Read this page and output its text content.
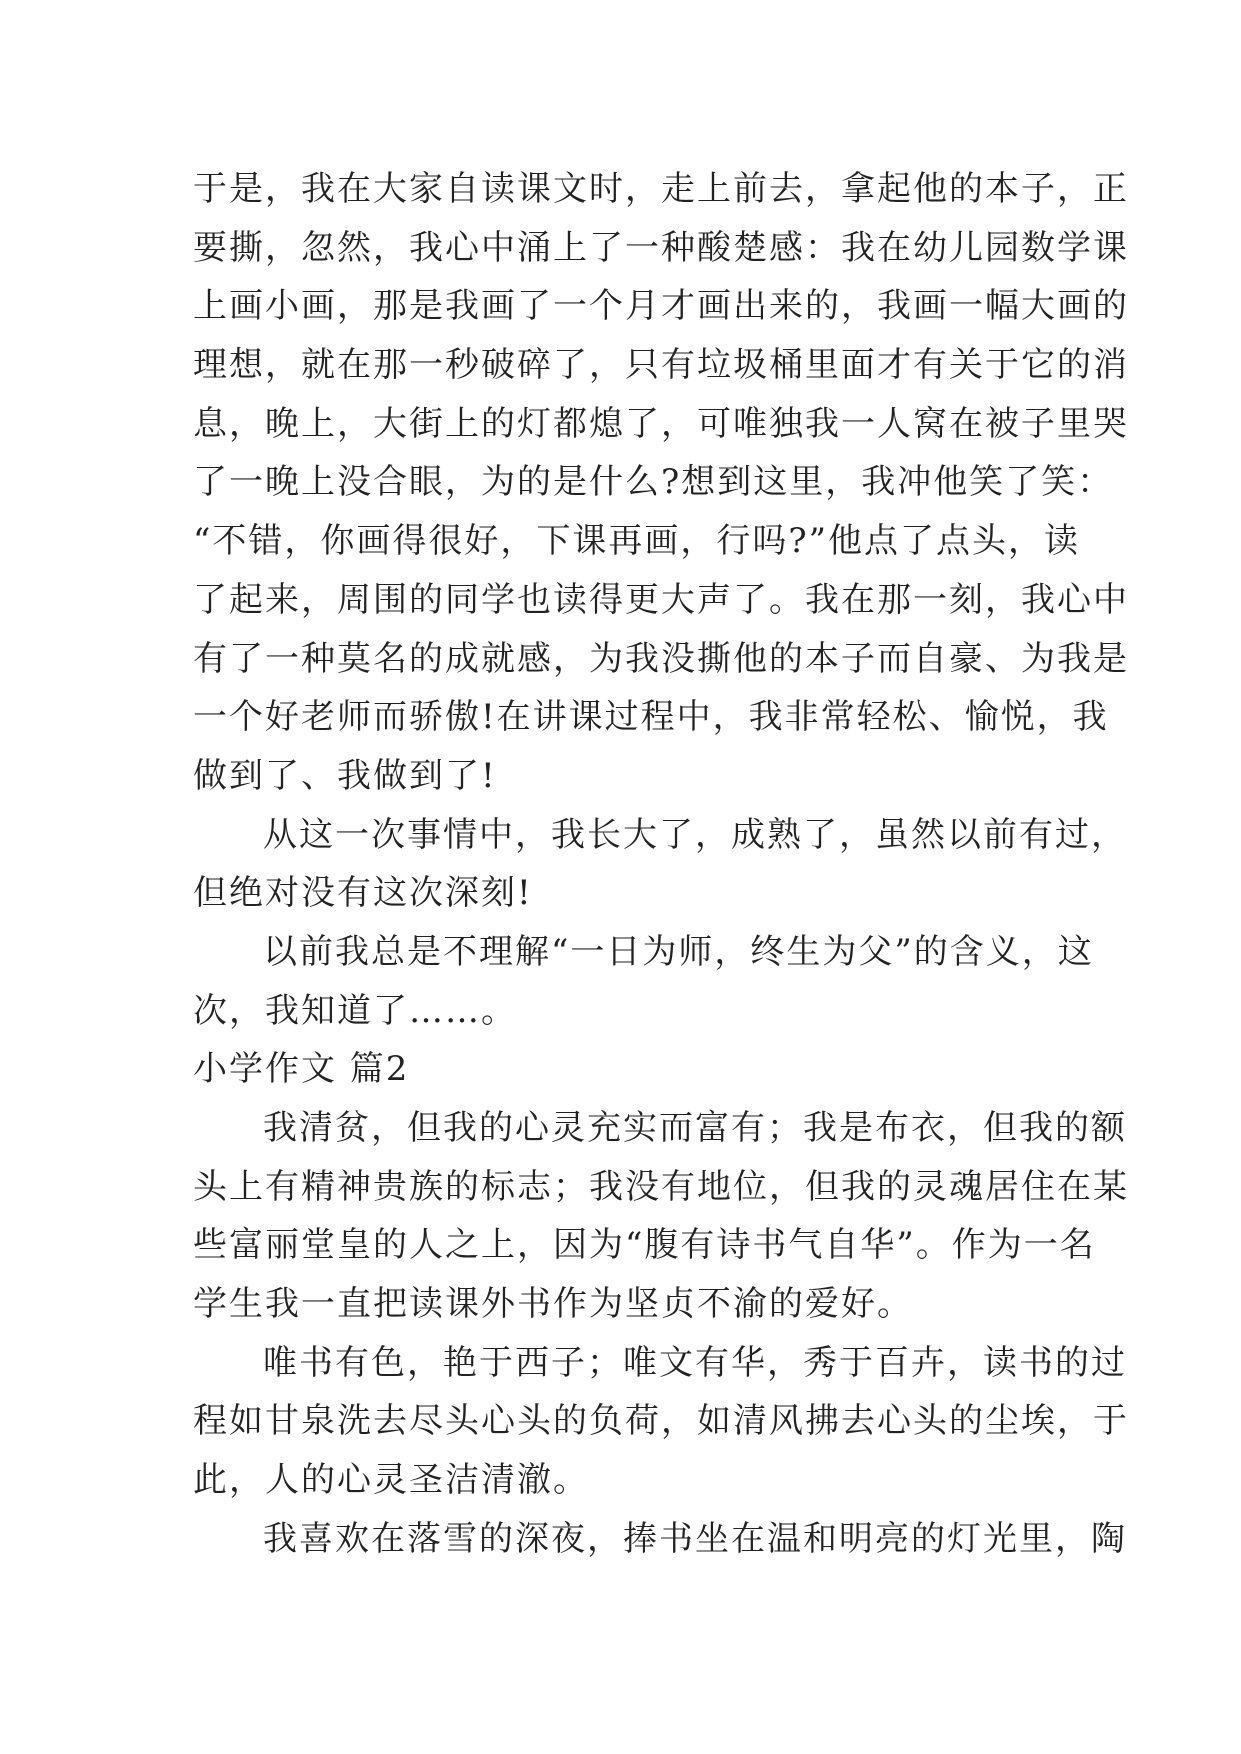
于是，我在大家自读课文时，走上前去，拿起他的本子，正
要撕，忽然，我心中涌上了一种酸楚感：我在幼儿园数学课
上画小画，那是我画了一个月才画出来的，我画一幅大画的
理想，就在那一秒破碎了，只有垃圾桶里面才有关于它的消
息，晚上，大街上的灯都熄了，可唯独我一人窝在被子里哭
了一晚上没合眼，为的是什么?想到这里，我冲他笑了笑：
“不错，你画得很好，下课再画，行吗?”他点了点头，读
了起来，周围的同学也读得更大声了。我在那一刻，我心中
有了一种莫名的成就感，为我没撕他的本子而自豪、为我是
一个好老师而骄傲!在讲课过程中，我非常轻松、愉悦，我
做到了、我做到了!
从这一次事情中，我长大了，成熟了，虽然以前有过，
但绝对没有这次深刻!
以前我总是不理解“一日为师，终生为父”的含义，这
次，我知道了……。
小学作文 篇2
我清贫，但我的心灵充实而富有；我是布衣，但我的额
头上有精神贵族的标志；我没有地位，但我的灵魂居住在某
些富丽堂皇的人之上，因为“腹有诗书气自华”。作为一名
学生我一直把读课外书作为坚贞不渝的爱好。
唯书有色，艳于西子；唯文有华，秀于百卉，读书的过
程如甘泉洗去尽头心头的负荷，如清风拂去心头的尘埃，于
此，人的心灵圣洁清澈。
我喜欢在落雪的深夜，捧书坐在温和明亮的灯光里，陶
